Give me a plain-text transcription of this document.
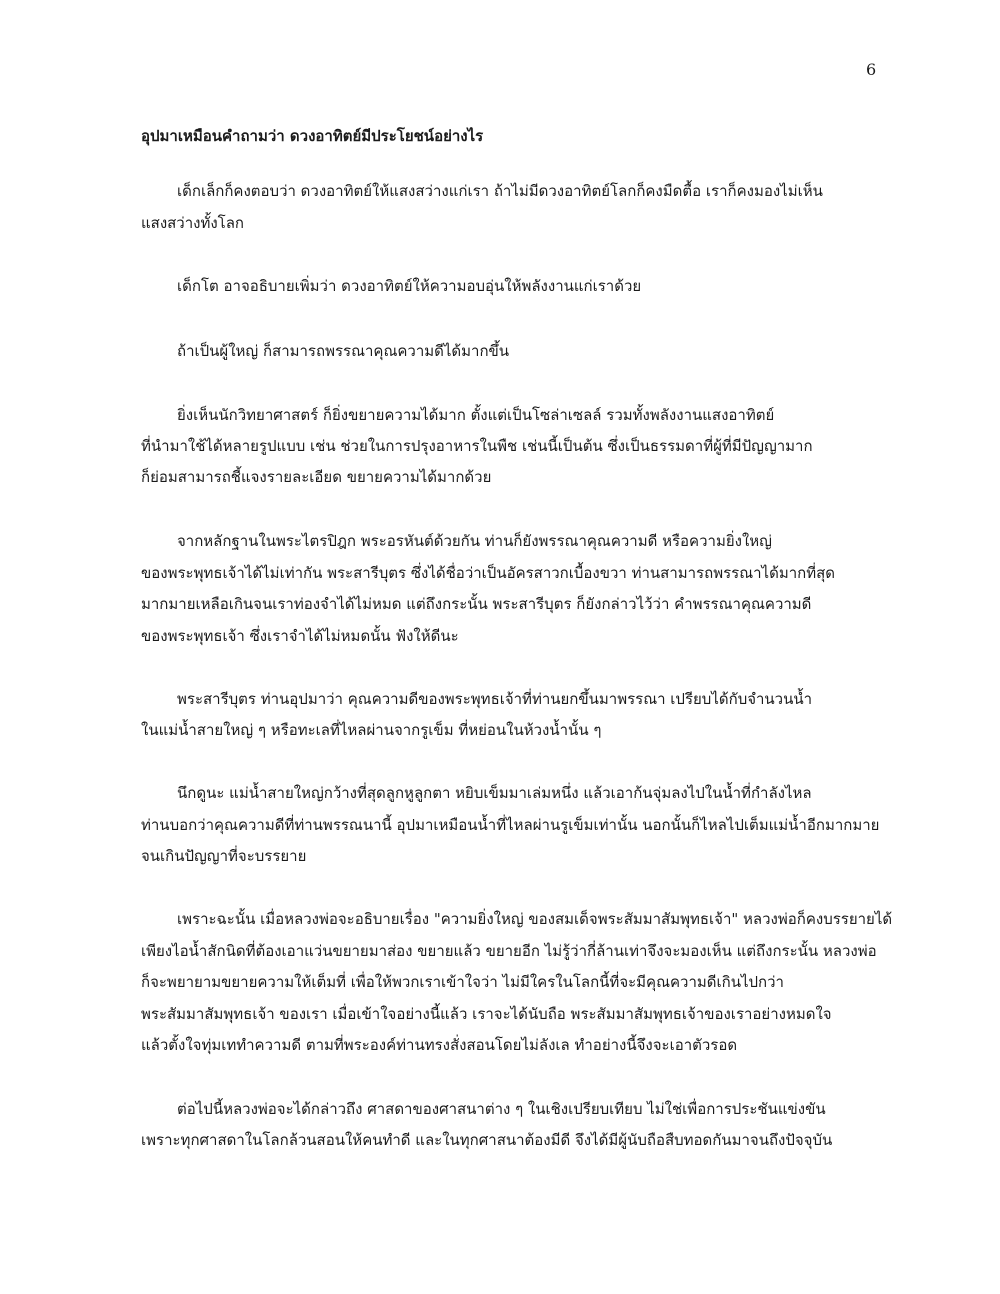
6
อุปมาเหมือนคำถามว่า ดวงอาทิตย์มีประโยชน์อย่างไร
เด็กเล็กก็คงตอบว่า ดวงอาทิตย์ให้แสงสว่างแก่เรา ถ้าไม่มีดวงอาทิตย์โลกก็คงมืดตื้อ เราก็คงมองไม่เห็น
แสงสว่างทั้งโลก
เด็กโต อาจอธิบายเพิ่มว่า ดวงอาทิตย์ให้ความอบอุ่นให้พลังงานแก่เราด้วย
ถ้าเป็นผู้ใหญ่ ก็สามารถพรรณาคุณความดีได้มากขึ้น
ยิ่งเห็นนักวิทยาศาสตร์ ก็ยิ่งขยายความได้มาก ตั้งแต่เป็นโซล่าเซลล์ รวมทั้งพลังงานแสงอาทิตย์
ที่นำมาใช้ได้หลายรูปแบบ เช่น ช่วยในการปรุงอาหารในพืช เช่นนี้เป็นต้น ซึ่งเป็นธรรมดาที่ผู้ที่มีปัญญามาก
ก็ย่อมสามารถชี้แจงรายละเอียด ขยายความได้มากด้วย
จากหลักฐานในพระไตรปิฎก พระอรหันต์ด้วยกัน ท่านก็ยังพรรณาคุณความดี หรือความยิ่งใหญ่
ของพระพุทธเจ้าได้ไม่เท่ากัน พระสารีบุตร ซึ่งได้ชื่อว่าเป็นอัครสาวกเบื้องขวา ท่านสามารถพรรณาได้มากที่สุด
มากมายเหลือเกินจนเราท่องจำได้ไม่หมด แต่ถึงกระนั้น พระสารีบุตร ก็ยังกล่าวไว้ว่า คำพรรณาคุณความดี
ของพระพุทธเจ้า ซึ่งเราจำได้ไม่หมดนั้น ฟังให้ดีนะ
พระสารีบุตร ท่านอุปมาว่า คุณความดีของพระพุทธเจ้าที่ท่านยกขึ้นมาพรรณา เปรียบได้กับจำนวนน้ำ
ในแม่น้ำสายใหญ่ ๆ หรือทะเลที่ไหลผ่านจากรูเข็ม ที่หย่อนในห้วงน้ำนั้น ๆ
นึกดูนะ แม่น้ำสายใหญ่กว้างที่สุดลูกหูลูกตา หยิบเข็มมาเล่มหนึ่ง แล้วเอาก้นจุ่มลงไปในน้ำที่กำลังไหล
ท่านบอกว่าคุณความดีที่ท่านพรรณนานี้ อุปมาเหมือนน้ำที่ไหลผ่านรูเข็มเท่านั้น นอกนั้นก็ไหลไปเต็มแม่น้ำอีกมากมาย
จนเกินปัญญาที่จะบรรยาย
เพราะฉะนั้น เมื่อหลวงพ่อจะอธิบายเรื่อง "ความยิ่งใหญ่ ของสมเด็จพระสัมมาสัมพุทธเจ้า" หลวงพ่อก็คงบรรยายได้
เพียงไอน้ำสักนิดที่ต้องเอาแว่นขยายมาส่อง ขยายแล้ว ขยายอีก ไม่รู้ว่ากี่ล้านเท่าจึงจะมองเห็น แต่ถึงกระนั้น หลวงพ่อ
ก็จะพยายามขยายความให้เต็มที่ เพื่อให้พวกเราเข้าใจว่า ไม่มีใครในโลกนี้ที่จะมีคุณความดีเกินไปกว่า
พระสัมมาสัมพุทธเจ้า ของเรา เมื่อเข้าใจอย่างนี้แล้ว เราจะได้นับถือ พระสัมมาสัมพุทธเจ้าของเราอย่างหมดใจ
แล้วตั้งใจทุ่มเททำความดี ตามที่พระองค์ท่านทรงสั่งสอนโดยไม่ลังเล ทำอย่างนี้จึงจะเอาตัวรอด
ต่อไปนี้หลวงพ่อจะได้กล่าวถึง ศาสดาของศาสนาต่าง ๆ ในเชิงเปรียบเทียบ ไม่ใช่เพื่อการประชันแข่งขัน
เพราะทุกศาสดาในโลกล้วนสอนให้คนทำดี และในทุกศาสนาต้องมีดี จึงได้มีผู้นับถือสืบทอดกันมาจนถึงปัจจุบัน
